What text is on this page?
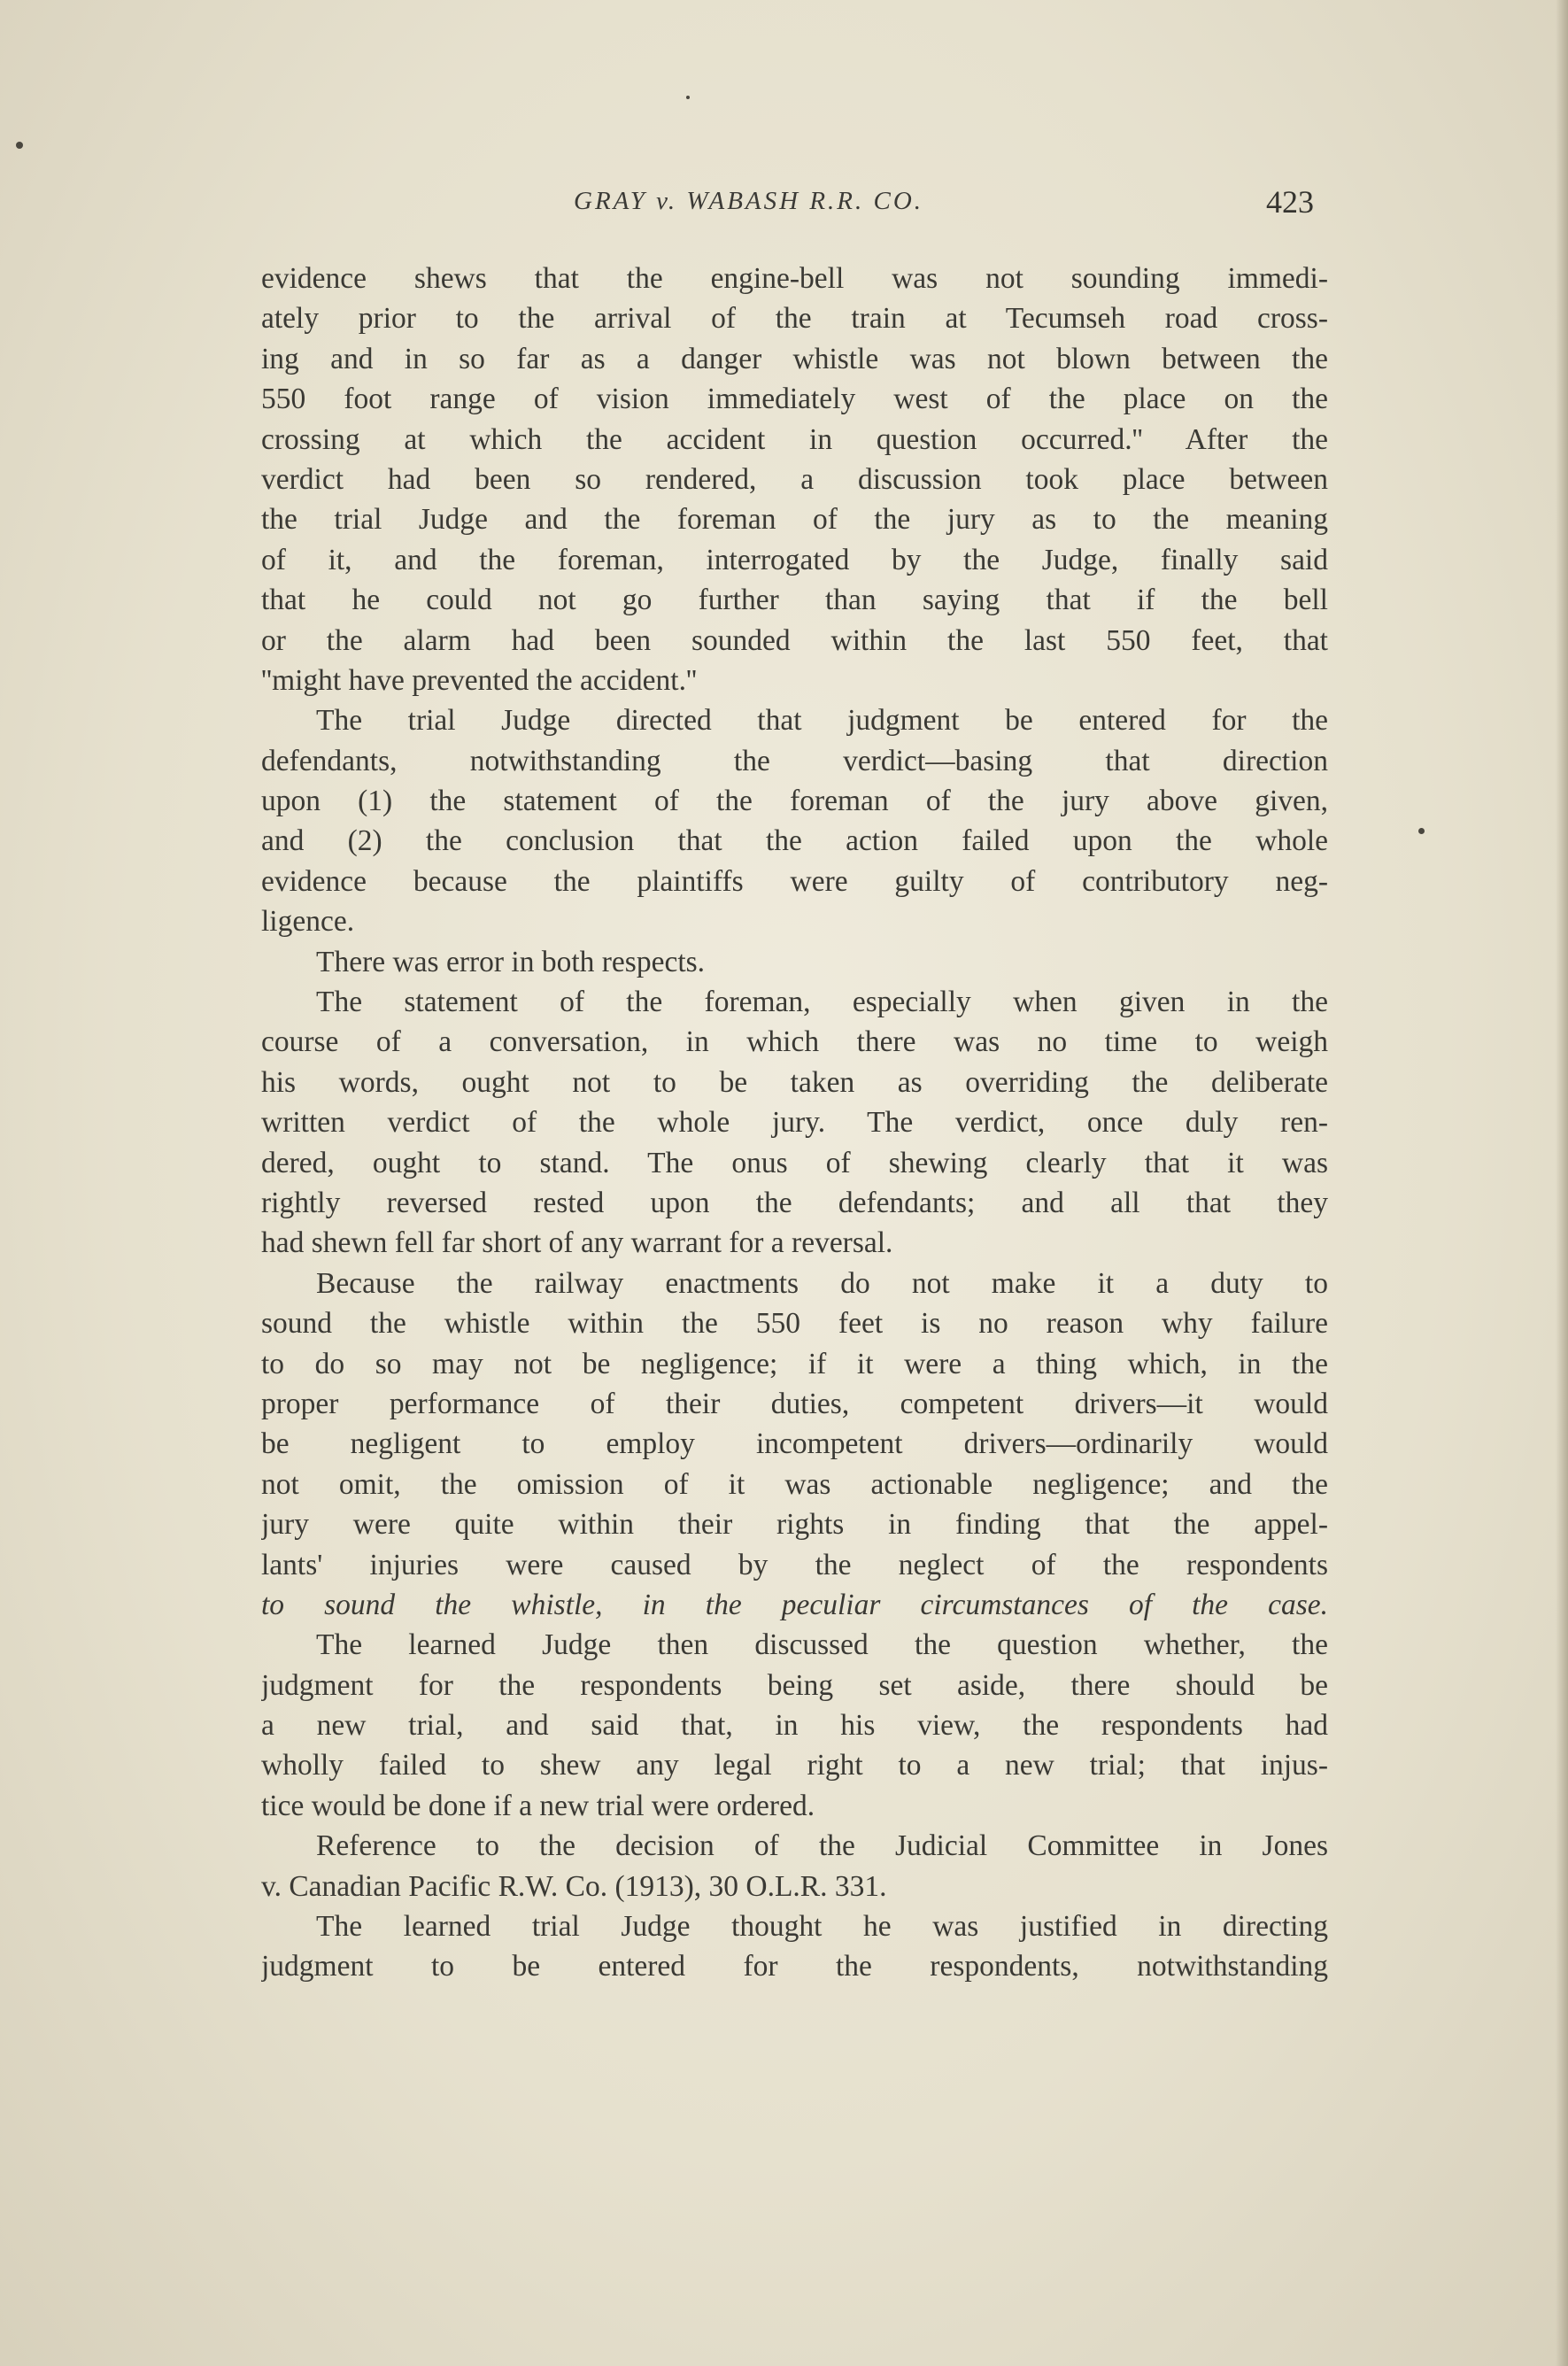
GRAY v. WABASH R.R. CO.	423
evidence shews that the engine-bell was not sounding immedi-
ately prior to the arrival of the train at Tecumseh road cross-
ing and in so far as a danger whistle was not blown between the
550 foot range of vision immediately west of the place on the
crossing at which the accident in question occurred.'' After the
verdict had been so rendered, a discussion took place between
the trial Judge and the foreman of the jury as to the meaning
of it, and the foreman, interrogated by the Judge, finally said
that he could not go further than saying that if the bell
or the alarm had been sounded within the last 550 feet, that
''might have prevented the accident.''
The trial Judge directed that judgment be entered for the
defendants, notwithstanding the verdict—basing that direction
upon (1) the statement of the foreman of the jury above given,
and (2) the conclusion that the action failed upon the whole
evidence because the plaintiffs were guilty of contributory neg-
ligence.
There was error in both respects.
The statement of the foreman, especially when given in the
course of a conversation, in which there was no time to weigh
his words, ought not to be taken as overriding the deliberate
written verdict of the whole jury. The verdict, once duly ren-
dered, ought to stand. The onus of shewing clearly that it was
rightly reversed rested upon the defendants; and all that they
had shewn fell far short of any warrant for a reversal.
Because the railway enactments do not make it a duty to
sound the whistle within the 550 feet is no reason why failure
to do so may not be negligence; if it were a thing which, in the
proper performance of their duties, competent drivers—it would
be negligent to employ incompetent drivers—ordinarily would
not omit, the omission of it was actionable negligence; and the
jury were quite within their rights in finding that the appel-
lants' injuries were caused by the neglect of the respondents
to sound the whistle, in the peculiar circumstances of the case.
The learned Judge then discussed the question whether, the
judgment for the respondents being set aside, there should be
a new trial, and said that, in his view, the respondents had
wholly failed to shew any legal right to a new trial; that injus-
tice would be done if a new trial were ordered.
Reference to the decision of the Judicial Committee in Jones
v. Canadian Pacific R.W. Co. (1913), 30 O.L.R. 331.
The learned trial Judge thought he was justified in directing
judgment to be entered for the respondents, notwithstanding
